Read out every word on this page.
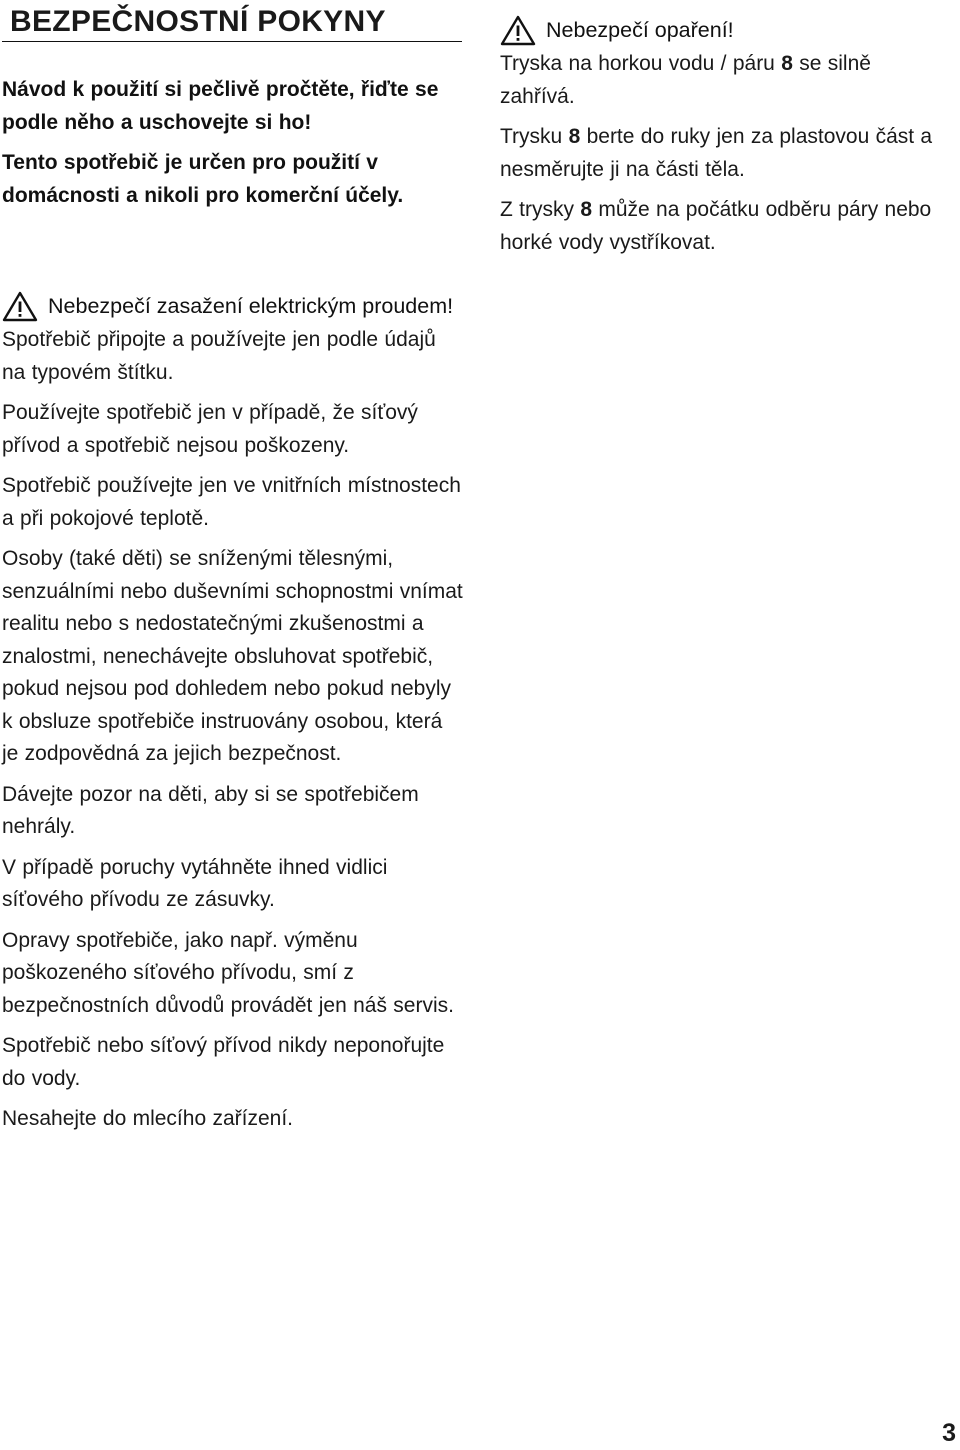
BEZPEČNOSTNÍ POKYNY

Návod k použití si pečlivě pročtěte, řiďte se podle něho a uschovejte si ho!

Tento spotřebič je určen pro použití v domácnosti a nikoli pro komerční účely.

Nebezpečí zasažení elektrickým proudem!

Spotřebič připojte a používejte jen podle údajů na typovém štítku.

Používejte spotřebič jen v případě, že síťový přívod a spotřebič nejsou poškozeny.

Spotřebič používejte jen ve vnitřních místnostech a při pokojové teplotě.

Osoby (také děti) se sníženými tělesnými, senzuálními nebo duševními schopnostmi vnímat realitu nebo s nedostatečnými zkušenostmi a znalostmi, nenechávejte obsluhovat spotřebič, pokud nejsou pod dohledem nebo pokud nebyly k obsluze spotřebiče instruovány osobou, která je zodpovědná za jejich bezpečnost.

Dávejte pozor na děti, aby si se spotřebičem nehrály.

V případě poruchy vytáhněte ihned vidlici síťového přívodu ze zásuvky.

Opravy spotřebiče, jako např. výměnu poškozeného síťového přívodu, smí z bezpečnostních důvodů provádět jen náš servis.

Spotřebič nebo síťový přívod nikdy neponořujte do vody.

Nesahejte do mlecího zařízení.

Nebezpečí opaření!

Tryska na horkou vodu / páru 8 se silně zahřívá.

Trysku 8 berte do ruky jen za plastovou část a nesměrujte ji na části těla.

Z trysky 8 může na počátku odběru páry nebo horké vody vystříkovat.

3
